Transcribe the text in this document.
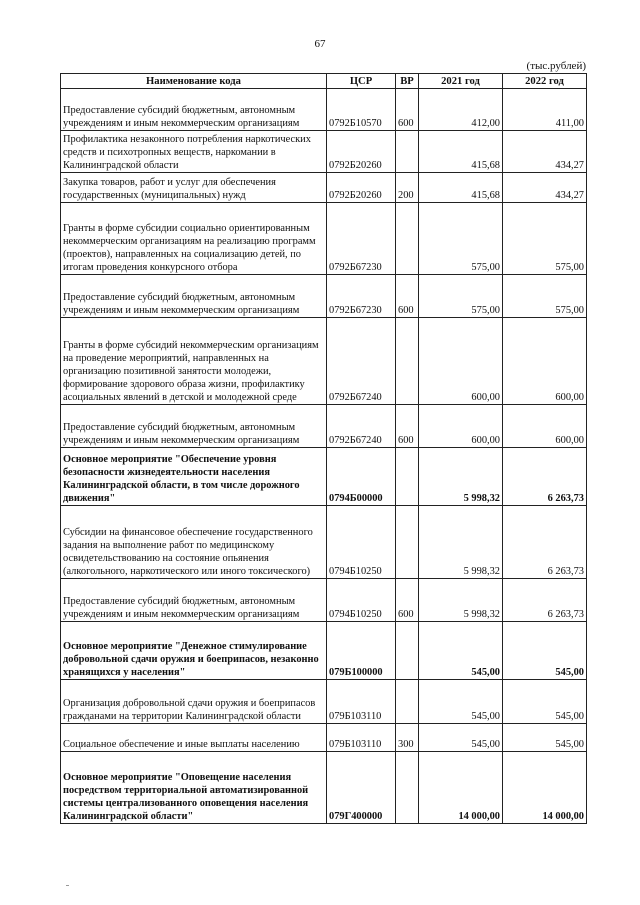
67
(тыс.рублей)
Наименование кода	ЦСР	ВР	2021 год	2022 год
Предоставление субсидий бюджетным, автономным учреждениям и иным некоммерческим организациям	0792Б10570	600	412,00	411,00
Профилактика незаконного потребления наркотических средств и психотропных веществ, наркомании в Калининградской области	0792Б20260		415,68	434,27
Закупка товаров, работ и услуг для обеспечения государственных (муниципальных) нужд	0792Б20260	200	415,68	434,27
Гранты в форме субсидии социально ориентированным некоммерческим организациям на реализацию программ (проектов), направленных на социализацию детей, по итогам проведения конкурсного отбора	0792Б67230		575,00	575,00
Предоставление субсидий бюджетным, автономным учреждениям и иным некоммерческим организациям	0792Б67230	600	575,00	575,00
Гранты в форме субсидий некоммерческим организациям на проведение мероприятий, направленных на организацию позитивной занятости молодежи, формирование здорового образа жизни, профилактику асоциальных явлений в детской и молодежной среде	0792Б67240		600,00	600,00
Предоставление субсидий бюджетным, автономным учреждениям и иным некоммерческим организациям	0792Б67240	600	600,00	600,00
Основное мероприятие "Обеспечение уровня безопасности жизнедеятельности населения Калининградской области, в том числе дорожного движения"	0794Б00000		5 998,32	6 263,73
Субсидии на финансовое обеспечение государственного задания на выполнение работ по медицинскому освидетельствованию на состояние опьянения (алкогольного, наркотического или иного токсического)	0794Б10250		5 998,32	6 263,73
Предоставление субсидий бюджетным, автономным учреждениям и иным некоммерческим организациям	0794Б10250	600	5 998,32	6 263,73
Основное мероприятие "Денежное стимулирование добровольной сдачи оружия и боеприпасов, незаконно хранящихся у населения"	079Б100000		545,00	545,00
Организация добровольной сдачи оружия и боеприпасов гражданами на территории Калининградской области	079Б103110		545,00	545,00
Социальное обеспечение и иные выплаты населению	079Б103110	300	545,00	545,00
Основное мероприятие "Оповещение населения посредством территориальной автоматизированной системы централизованного оповещения населения Калининградской области"	079Г400000		14 000,00	14 000,00
